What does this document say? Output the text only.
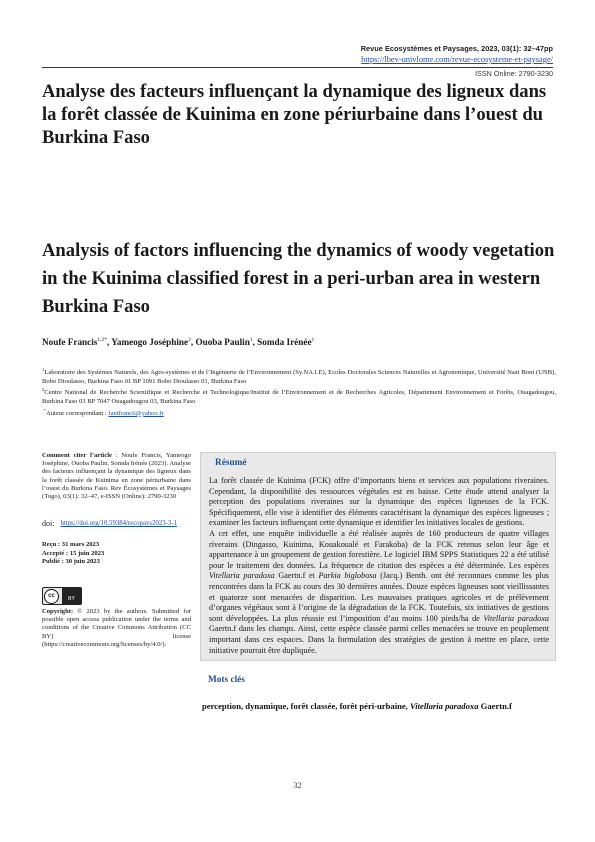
Revue Ecosystèmes et Paysages, 2023, 03(1): 32–47pp
https://lbev-univlome.com/revue-ecosysteme-et-paysage/
ISSN Online: 2790-3230
Analyse des facteurs influençant la dynamique des ligneux dans la forêt classée de Kuinima en zone périurbaine dans l’ouest du Burkina Faso
Analysis of factors influencing the dynamics of woody vegetation in the Kuinima classified forest in a peri-urban area in western Burkina Faso
Noufe Francis$^{1,2*}$, Yameogo Joséphine$^2$, Ouoba Paulin$^1$, Somda Irénée$^1$
$^1$Laboratoire des Systèmes Naturels, des Agro-systèmes et de l’Ingénierie de l’Environnement (Sy.NA.I.E), Ecoles Doctorales Sciences Naturelles et Agronomique, Université Nazi Boni (UNB), Bobo Dioulasso, Burkina Faso 01 BP 1091 Bobo Dioulasso 01, Burkina Faso
$^2$Centre National de Recherche Scientifique et Recherche et Technologique/Institut de l’Environnement et de Recherches Agricoles, Département Environnement et Forêts, Ouagadougou, Burkina Faso 03 BP 7047 Ouagadougou 03, Burkina Faso
*Auteur correspondant : fantfranc6@yahoo.fr
Comment citer l’article : Noufe Francis, Yameogo Joséphine, Ouoba Paulin, Somda Irénée (2023). Analyse des facteurs influençant la dynamique des ligneux dans la forêt classée de Kuinima en zone périurbaine dans l’ouest du Burkina Faso. Rev Écosystèmes et Paysages (Togo), 03(1): 32–47, e-ISSN (Online): 2790-3230
doi: https://doi.org/10.59384/recopays2023-3-1
Reçu : 31 mars 2023
Accepté : 15 juin 2023
Publié : 30 juin 2023
cc	BY
Copyright: © 2023 by the authors. Submitted for possible open access publication under the terms and conditions of the Creative Commons Attribution (CC BY) license (https://creativecommons.org/licenses/by/4.0/).
Résumé

La forêt classée de Kuinima (FCK) offre d’importants biens et services aux populations riveraines. Cependant, la disponibilité des ressources végétales est en baisse. Cette étude attend analyser la perception des populations riveraines sur la dynamique des espèces ligneuses de la FCK. Spécifiquement, elle vise à identifier des éléments caractérisant la dynamique des espèces ligneuses ; examiner les facteurs influençant cette dynamique et identifier les initiatives locales de gestions.

A cet effet, une enquête individuelle a été réalisée auprès de 160 producteurs de quatre villages riverains (Dingasso, Kuinima, Kouakoualé et Farakoba) de la FCK retenus selon leur âge et appartenance à un groupement de gestion forestière. Le logiciel IBM SPPS Statistiques 22 a été utilisé pour le traitement des données. La fréquence de citation des espèces a été déterminée. Les espèces Vitellaria paradoxa Gaertn.f et Parkia biglobosa (Jacq.) Benth. ont été reconnues comme les plus rencontrées dans la FCK au cours des 30 dernières années. Douze espèces ligneuses sont vieillissantes et quatorze sont menacées de disparition. Les mauvaises pratiques agricoles et de prélèvement d’organes végétaux sont à l’origine de la dégradation de la FCK. Toutefois, six initiatives de gestions sont développées. La plus réussie est l’imposition d’au moins 100 pieds/ha de Vitellaria paradoxa Gaertn.f dans les champs. Ainsi, cette espèce classée parmi celles menacées se trouve en peuplement important dans ces espaces. Dans la formulation des stratégies de gestion à mettre en place, cette initiative pourrait être dupliquée.

Mots clés
perception, dynamique, forêt classée, forêt péri-urbaine, Vitellaria paradoxa Gaertn.f
32
